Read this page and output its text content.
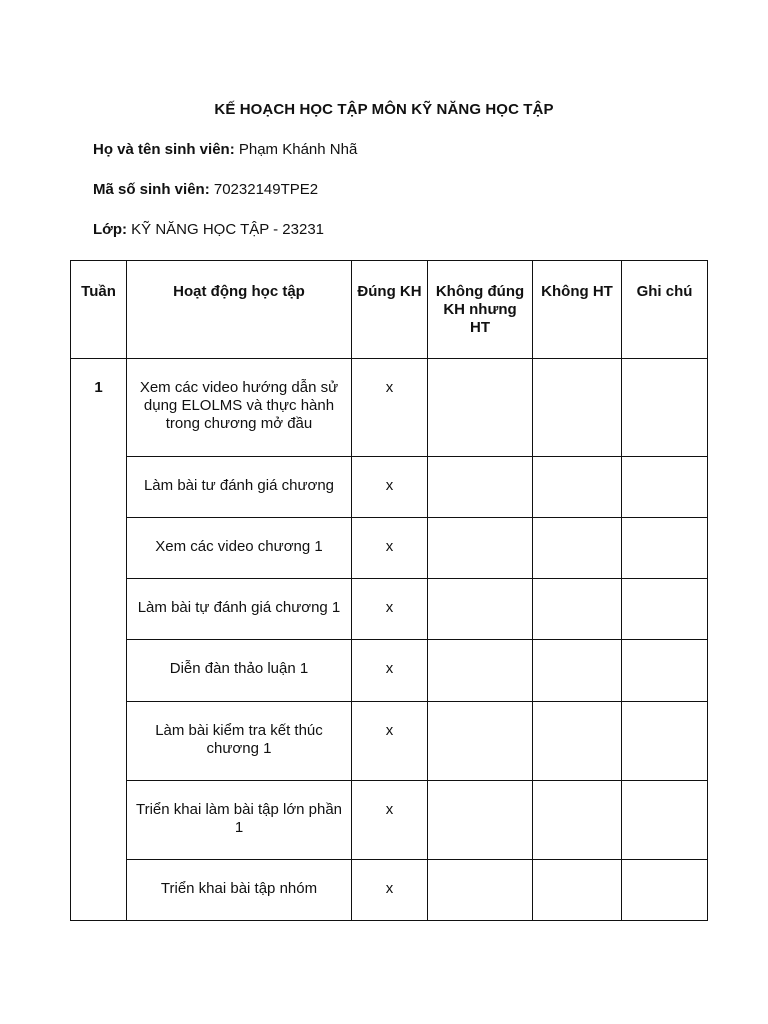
KẾ HOẠCH HỌC TẬP MÔN KỸ NĂNG HỌC TẬP
Họ và tên sinh viên: Phạm Khánh Nhã
Mã số sinh viên: 70232149TPE2
Lớp: KỸ NĂNG HỌC TẬP - 23231
Tuần	Hoạt động học tập	Đúng KH	Không đúng KH nhưng HT	Không HT	Ghi chú
1	Xem các video hướng dẫn sử dụng ELOLMS và thực hành trong chương mở đầu	x			
	Làm bài tư đánh giá chương	x			
	Xem các video chương 1	x			
	Làm bài tự đánh giá chương 1	x			
	Diễn đàn thảo luận 1	x			
	Làm bài kiểm tra kết thúc chương 1	x			
	Triển khai làm bài tập lớn phần 1	x			
	Triển khai bài tập nhóm	x			
